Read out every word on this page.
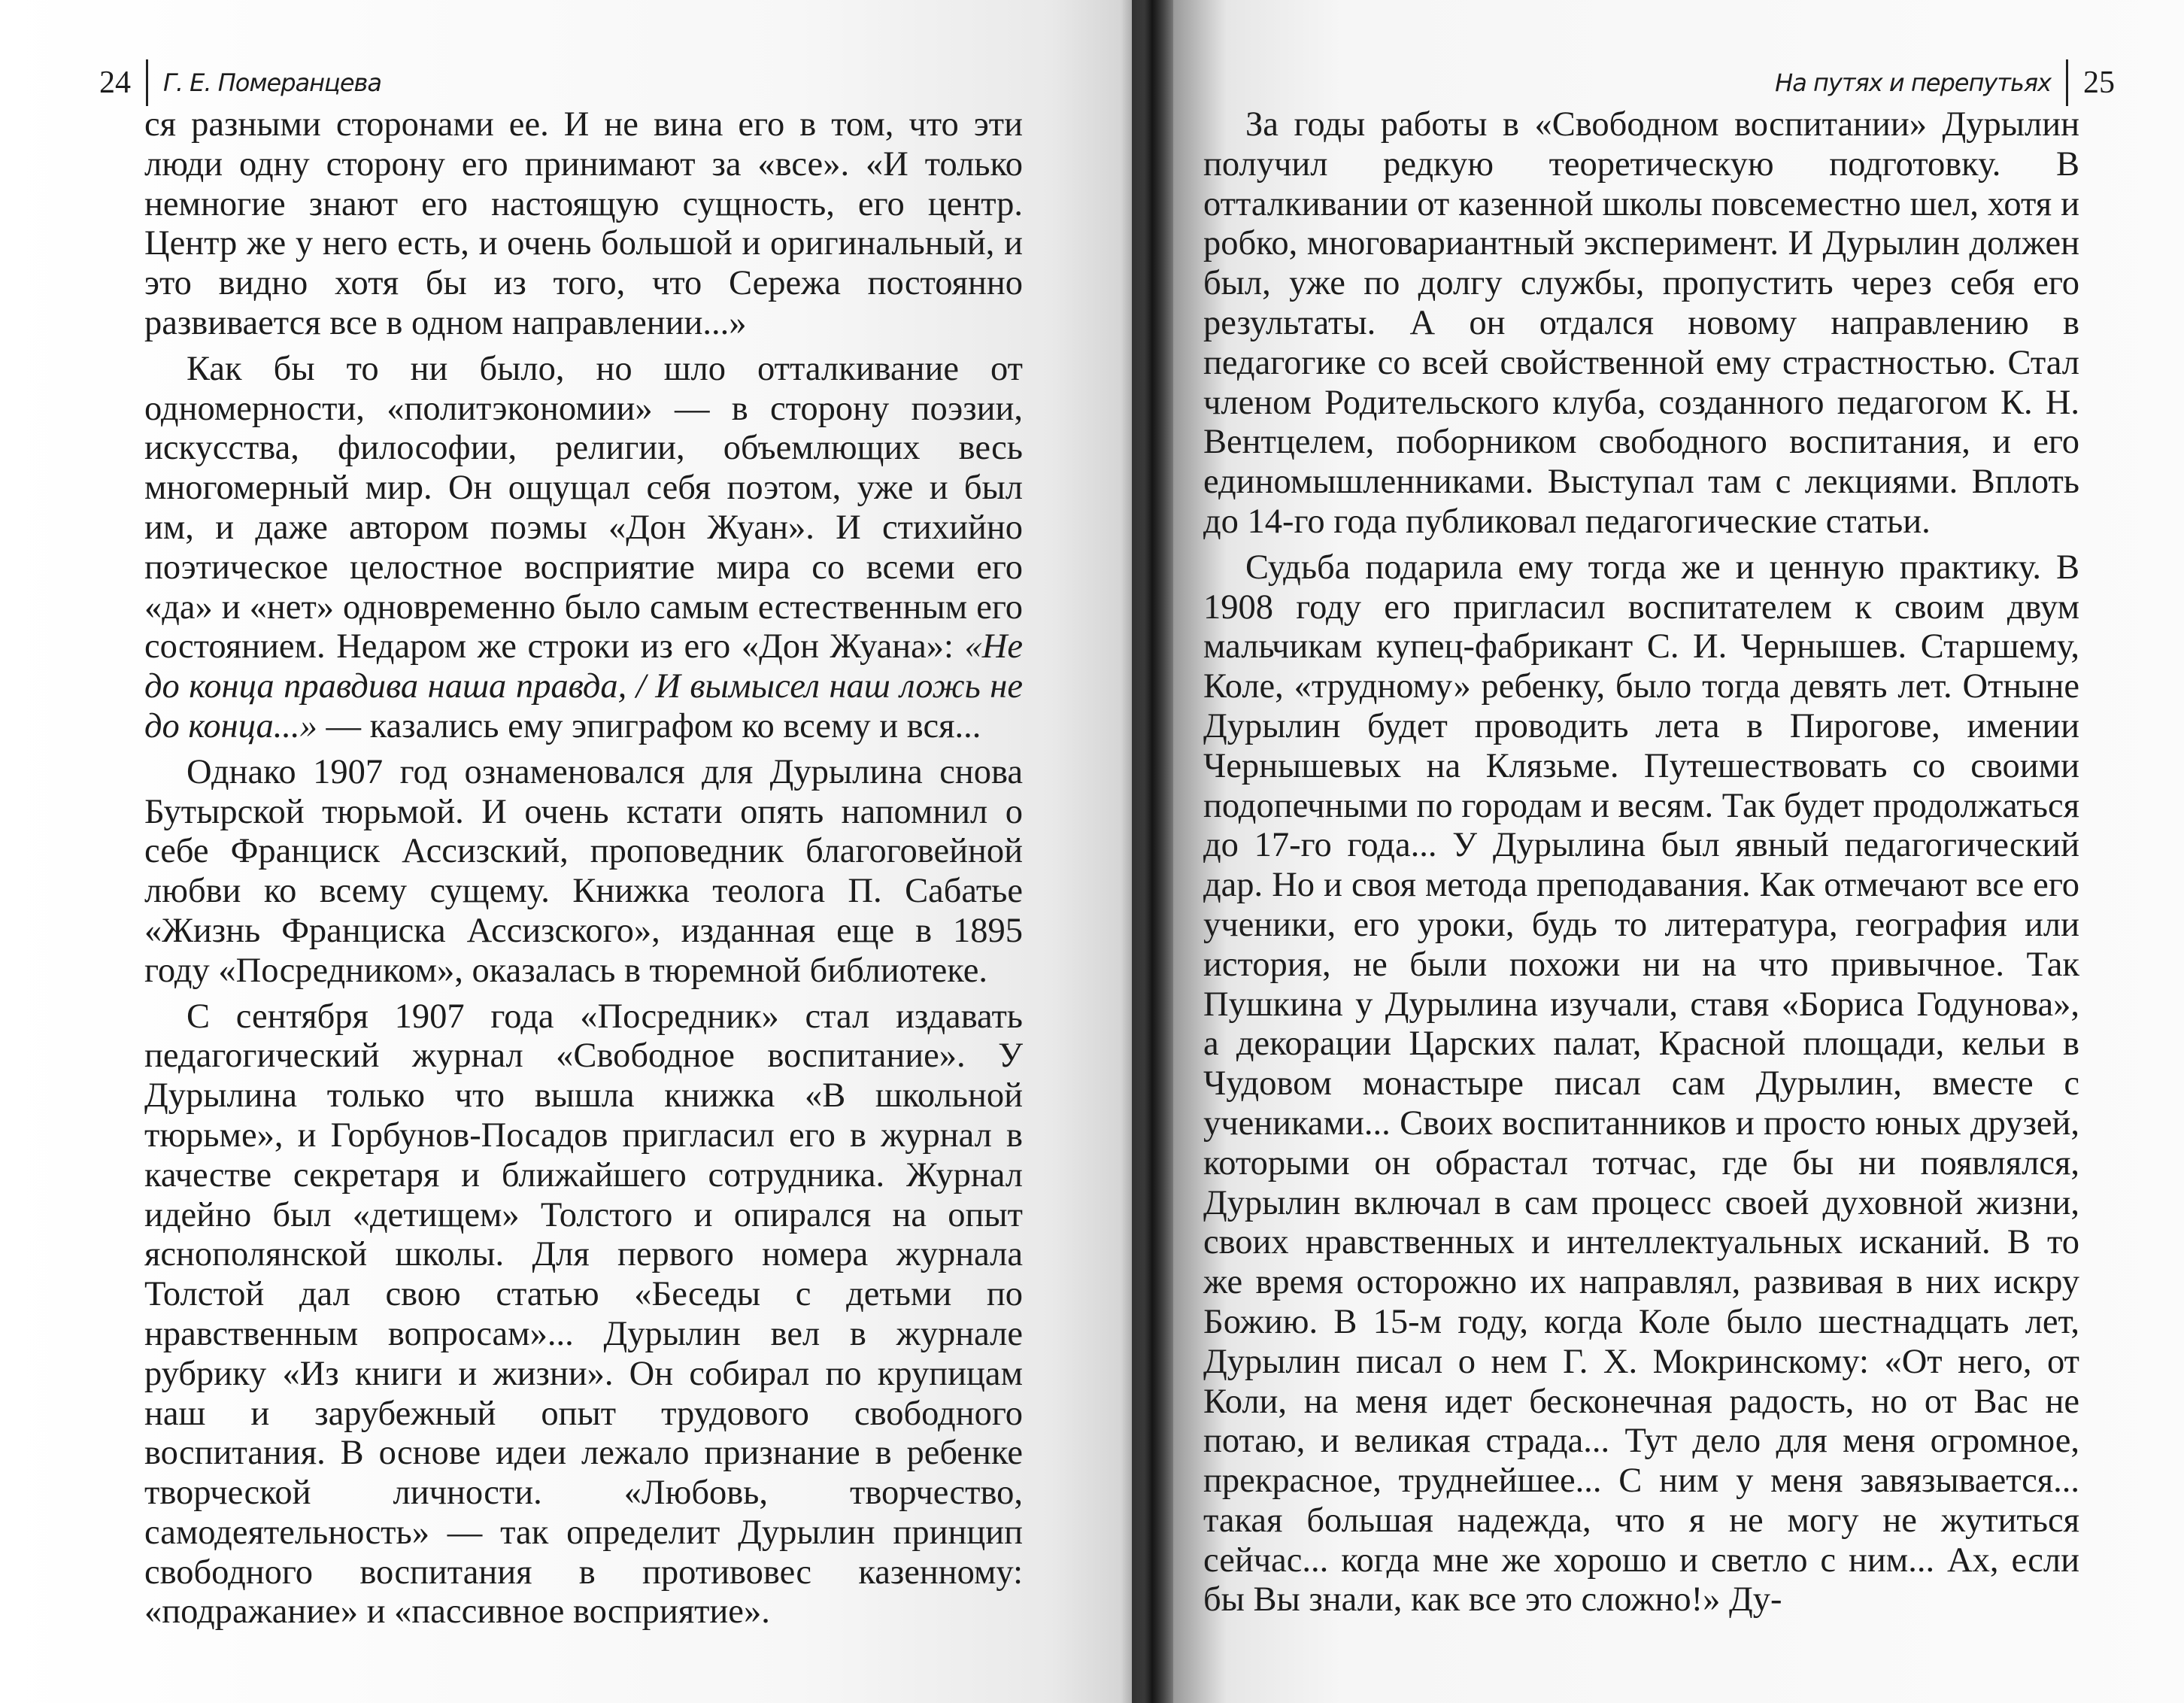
24 Г. Е. Померанцева

ся разными сторонами ее. И не вина его в том, что эти люди одну сторону его принимают за «все». «И только немногие знают его настоящую сущность, его центр. Центр же у него есть, и очень большой и оригинальный, и это видно хотя бы из того, что Сережа постоянно развивается все в одном направлении...»

Как бы то ни было, но шло отталкивание от одномерности, «политэкономии» — в сторону поэзии, искусства, философии, религии, объемлющих весь многомерный мир. Он ощущал себя поэтом, уже и был им, и даже автором поэмы «Дон Жуан». И стихийно поэтическое целостное восприятие мира со всеми его «да» и «нет» одновременно было самым естественным его состоянием. Недаром же строки из его «Дон Жуана»: «Не до конца правдива наша правда, / И вымысел наш ложь не до конца...» — казались ему эпиграфом ко всему и вся...

Однако 1907 год ознаменовался для Дурылина снова Бутырской тюрьмой. И очень кстати опять напомнил о себе Франциск Ассизский, проповедник благоговейной любви ко всему сущему. Книжка теолога П. Сабатье «Жизнь Франциска Ассизского», изданная еще в 1895 году «Посредником», оказалась в тюремной библиотеке.

С сентября 1907 года «Посредник» стал издавать педагогический журнал «Свободное воспитание». У Дурылина только что вышла книжка «В школьной тюрьме», и Горбунов-Посадов пригласил его в журнал в качестве секретаря и ближайшего сотрудника. Журнал идейно был «детищем» Толстого и опирался на опыт яснополянской школы. Для первого номера журнала Толстой дал свою статью «Беседы с детьми по нравственным вопросам»... Дурылин вел в журнале рубрику «Из книги и жизни». Он собирал по крупицам наш и зарубежный опыт трудового свободного воспитания. В основе идеи лежало признание в ребенке творческой личности. «Любовь, творчество, самодеятельность» — так определит Дурылин принцип свободного воспитания в противовес казенному: «подражание» и «пассивное восприятие».

На путях и перепутьях 25

За годы работы в «Свободном воспитании» Дурылин получил редкую теоретическую подготовку. В отталкивании от казенной школы повсеместно шел, хотя и робко, многовариантный эксперимент. И Дурылин должен был, уже по долгу службы, пропустить через себя его результаты. А он отдался новому направлению в педагогике со всей свойственной ему страстностью. Стал членом Родительского клуба, созданного педагогом К. Н. Вентцелем, поборником свободного воспитания, и его единомышленниками. Выступал там с лекциями. Вплоть до 14-го года публиковал педагогические статьи.

Судьба подарила ему тогда же и ценную практику. В 1908 году его пригласил воспитателем к своим двум мальчикам купец-фабрикант С. И. Чернышев. Старшему, Коле, «трудному» ребенку, было тогда девять лет. Отныне Дурылин будет проводить лета в Пирогове, имении Чернышевых на Клязьме. Путешествовать со своими подопечными по городам и весям. Так будет продолжаться до 17-го года... У Дурылина был явный педагогический дар. Но и своя метода преподавания. Как отмечают все его ученики, его уроки, будь то литература, география или история, не были похожи ни на что привычное. Так Пушкина у Дурылина изучали, ставя «Бориса Годунова», а декорации Царских палат, Красной площади, кельи в Чудовом монастыре писал сам Дурылин, вместе с учениками... Своих воспитанников и просто юных друзей, которыми он обрастал тотчас, где бы ни появлялся, Дурылин включал в сам процесс своей духовной жизни, своих нравственных и интеллектуальных исканий. В то же время осторожно их направлял, развивая в них искру Божию. В 15-м году, когда Коле было шестнадцать лет, Дурылин писал о нем Г. Х. Мокринскому: «От него, от Коли, на меня идет бесконечная радость, но от Вас не потаю, и великая страда... Тут дело для меня огромное, прекрасное, труднейшее... С ним у меня завязывается... такая большая надежда, что я не могу не жутиться сейчас... когда мне же хорошо и светло с ним... Ах, если бы Вы знали, как все это сложно!» Ду-
